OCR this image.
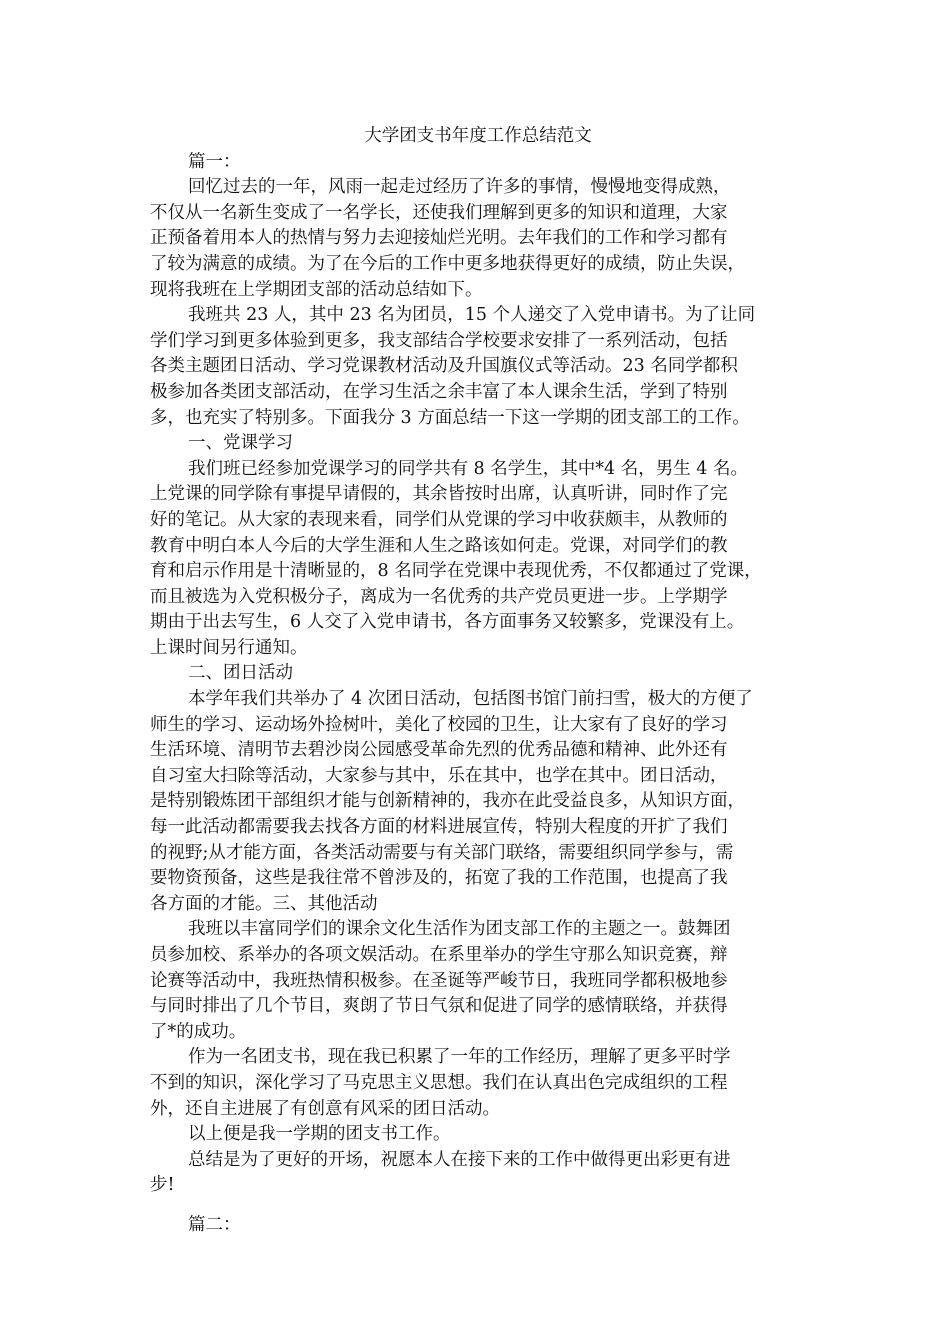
大学团支书年度工作总结范文

篇一：

回忆过去的一年，风雨一起走过经历了许多的事情，慢慢地变得成熟，

不仅从一名新生变成了一名学长，还使我们理解到更多的知识和道理，大家

正预备着用本人的热情与努力去迎接灿烂光明。去年我们的工作和学习都有

了较为满意的成绩。为了在今后的工作中更多地获得更好的成绩，防止失误，

现将我班在上学期团支部的活动总结如下。

我班共 23 人，其中 23 名为团员，15 个人递交了入党申请书。为了让同

学们学习到更多体验到更多，我支部结合学校要求安排了一系列活动，包括

各类主题团日活动、学习党课教材活动及升国旗仪式等活动。23 名同学都积

极参加各类团支部活动，在学习生活之余丰富了本人课余生活，学到了特别

多，也充实了特别多。下面我分 3 方面总结一下这一学期的团支部工的工作。

一、党课学习

我们班已经参加党课学习的同学共有 8 名学生，其中*4 名，男生 4 名。

上党课的同学除有事提早请假的，其余皆按时出席，认真听讲，同时作了完

好的笔记。从大家的表现来看，同学们从党课的学习中收获颇丰，从教师的

教育中明白本人今后的大学生涯和人生之路该如何走。党课，对同学们的教

育和启示作用是十清晰显的，8 名同学在党课中表现优秀，不仅都通过了党课，

而且被选为入党积极分子，离成为一名优秀的共产党员更进一步。上学期学

期由于出去写生，6 人交了入党申请书，各方面事务又较繁多，党课没有上。

上课时间另行通知。

二、团日活动

本学年我们共举办了 4 次团日活动，包括图书馆门前扫雪，极大的方便了

师生的学习、运动场外捡树叶，美化了校园的卫生，让大家有了良好的学习

生活环境、清明节去碧沙岗公园感受革命先烈的优秀品德和精神、此外还有

自习室大扫除等活动，大家参与其中，乐在其中，也学在其中。团日活动，

是特别锻炼团干部组织才能与创新精神的，我亦在此受益良多，从知识方面，

每一此活动都需要我去找各方面的材料进展宣传，特别大程度的开扩了我们

的视野;从才能方面，各类活动需要与有关部门联络，需要组织同学参与，需

要物资预备，这些是我往常不曾涉及的，拓宽了我的工作范围，也提高了我

各方面的才能。三、其他活动

我班以丰富同学们的课余文化生活作为团支部工作的主题之一。鼓舞团

员参加校、系举办的各项文娱活动。在系里举办的学生守那么知识竞赛，辩

论赛等活动中，我班热情积极参。在圣诞等严峻节日，我班同学都积极地参

与同时排出了几个节目，爽朗了节日气氛和促进了同学的感情联络，并获得

了*的成功。

作为一名团支书，现在我已积累了一年的工作经历，理解了更多平时学

不到的知识，深化学习了马克思主义思想。我们在认真出色完成组织的工程

外，还自主进展了有创意有风采的团日活动。

以上便是我一学期的团支书工作。

总结是为了更好的开场，祝愿本人在接下来的工作中做得更出彩更有进

步!

篇二：
